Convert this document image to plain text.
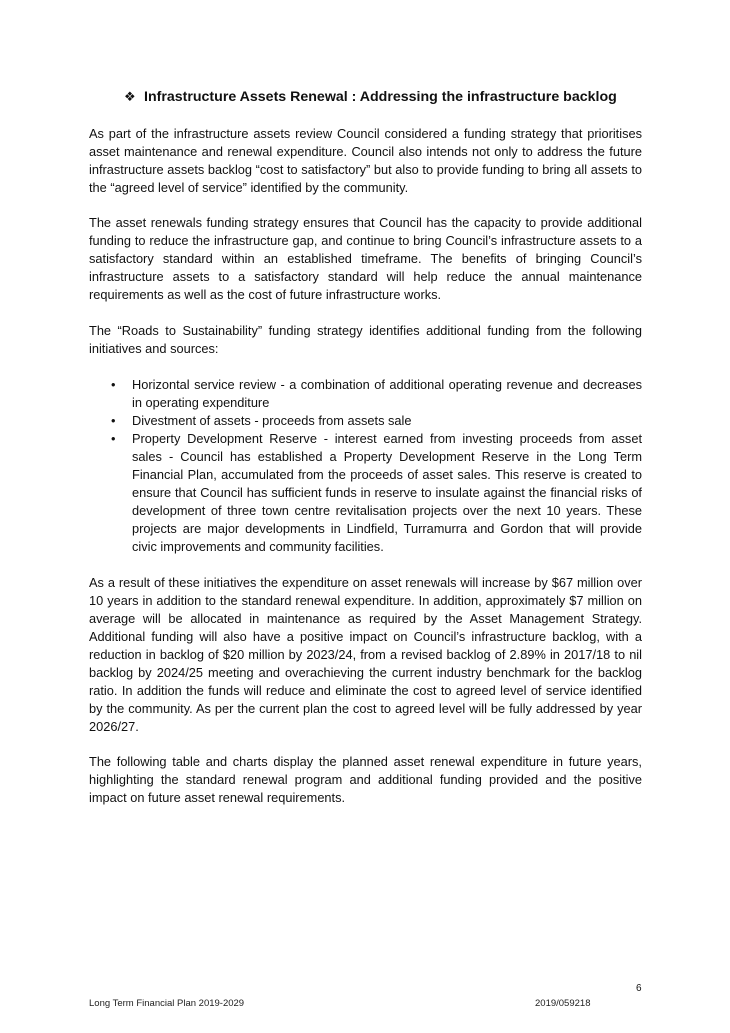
❖ Infrastructure Assets Renewal : Addressing the infrastructure backlog

As part of the infrastructure assets review Council considered a funding strategy that prioritises asset maintenance and renewal expenditure. Council also intends not only to address the future infrastructure assets backlog “cost to satisfactory” but also to provide funding to bring all assets to the “agreed level of service” identified by the community.

The asset renewals funding strategy ensures that Council has the capacity to provide additional funding to reduce the infrastructure gap, and continue to bring Council’s infrastructure assets to a satisfactory standard within an established timeframe. The benefits of bringing Council’s infrastructure assets to a satisfactory standard will help reduce the annual maintenance requirements as well as the cost of future infrastructure works.

The “Roads to Sustainability” funding strategy identifies additional funding from the following initiatives and sources:

• Horizontal service review - a combination of additional operating revenue and decreases in operating expenditure
• Divestment of assets - proceeds from assets sale
• Property Development Reserve - interest earned from investing proceeds from asset sales - Council has established a Property Development Reserve in the Long Term Financial Plan, accumulated from the proceeds of asset sales. This reserve is created to ensure that Council has sufficient funds in reserve to insulate against the financial risks of development of three town centre revitalisation projects over the next 10 years. These projects are major developments in Lindfield, Turramurra and Gordon that will provide civic improvements and community facilities.

As a result of these initiatives the expenditure on asset renewals will increase by $67 million over 10 years in addition to the standard renewal expenditure. In addition, approximately $7 million on average will be allocated in maintenance as required by the Asset Management Strategy. Additional funding will also have a positive impact on Council’s infrastructure backlog, with a reduction in backlog of $20 million by 2023/24, from a revised backlog of 2.89% in 2017/18 to nil backlog by 2024/25 meeting and overachieving the current industry benchmark for the backlog ratio. In addition the funds will reduce and eliminate the cost to agreed level of service identified by the community. As per the current plan the cost to agreed level will be fully addressed by year 2026/27.

The following table and charts display the planned asset renewal expenditure in future years, highlighting the standard renewal program and additional funding provided and the positive impact on future asset renewal requirements.

6
Long Term Financial Plan 2019-2029	2019/059218
